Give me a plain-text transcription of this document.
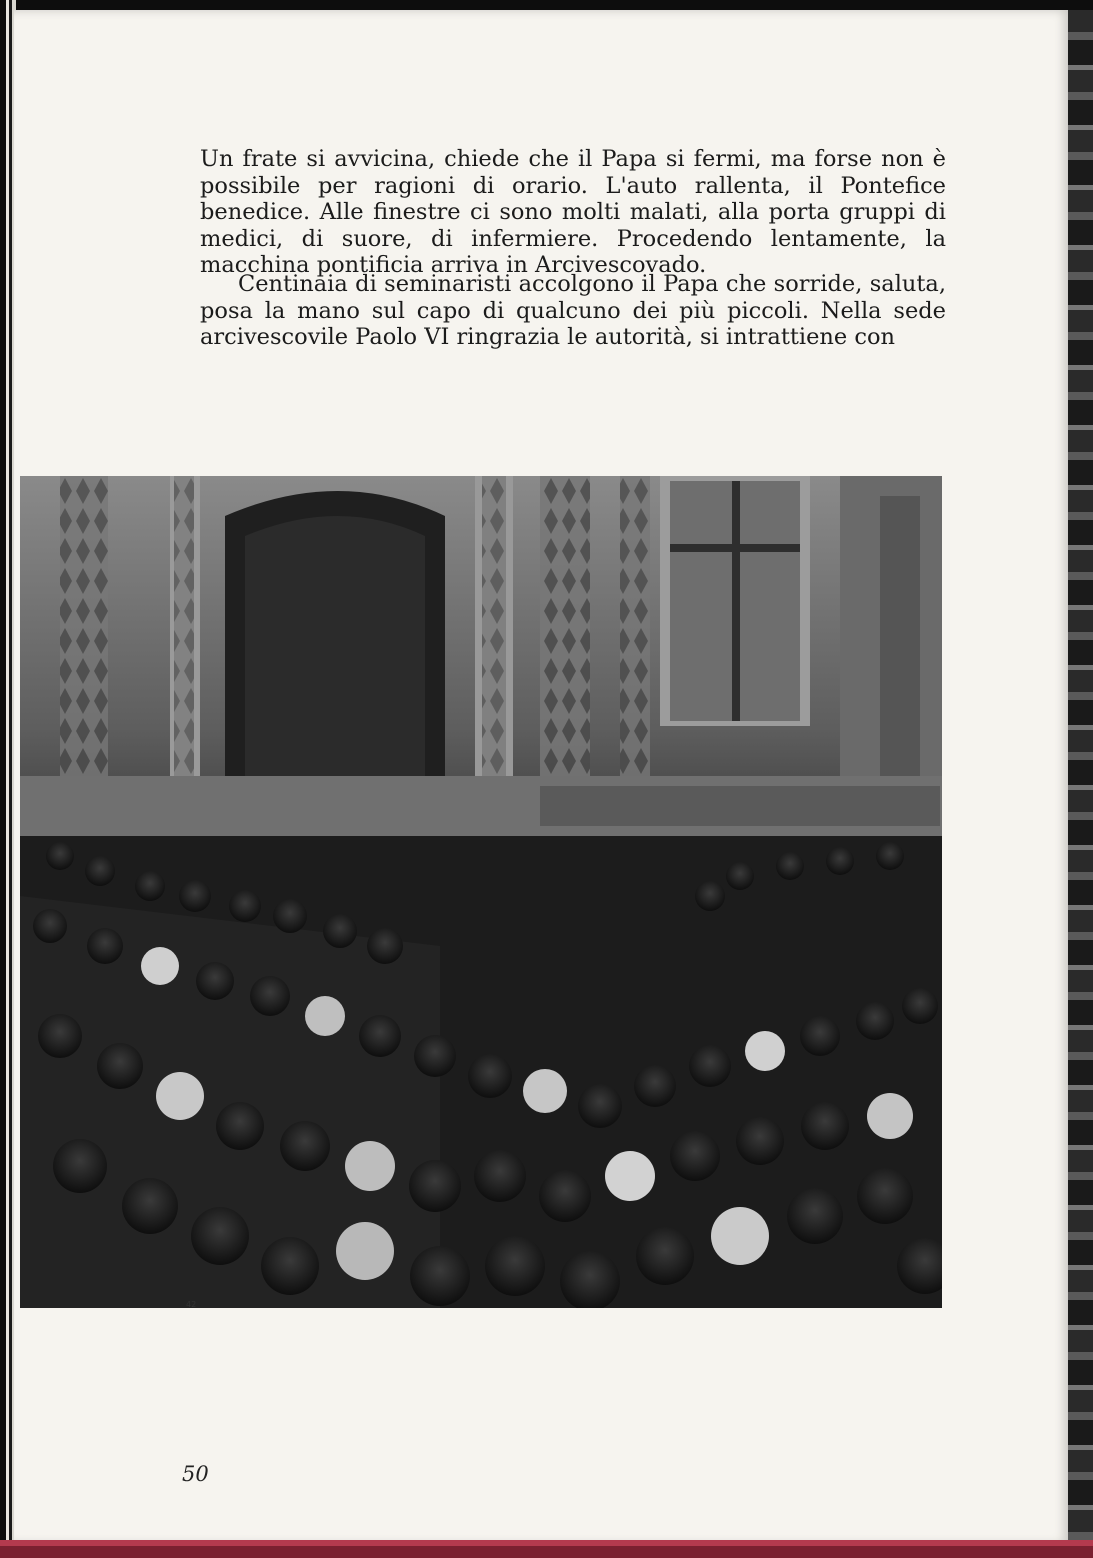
Un frate si avvicina, chiede che il Papa si fermi, ma forse non è possibile per ragioni di orario. L'auto rallenta, il Pontefice benedice. Alle finestre ci sono molti malati, alla porta gruppi di medici, di suore, di infermiere. Procedendo lentamente, la macchina pontificia arriva in Arcivescovado.

Centinaia di seminaristi accolgono il Papa che sorride, saluta, posa la mano sul capo di qualcuno dei più piccoli. Nella sede arcivescovile Paolo VI ringrazia le autorità, si intrattiene con

42
50
